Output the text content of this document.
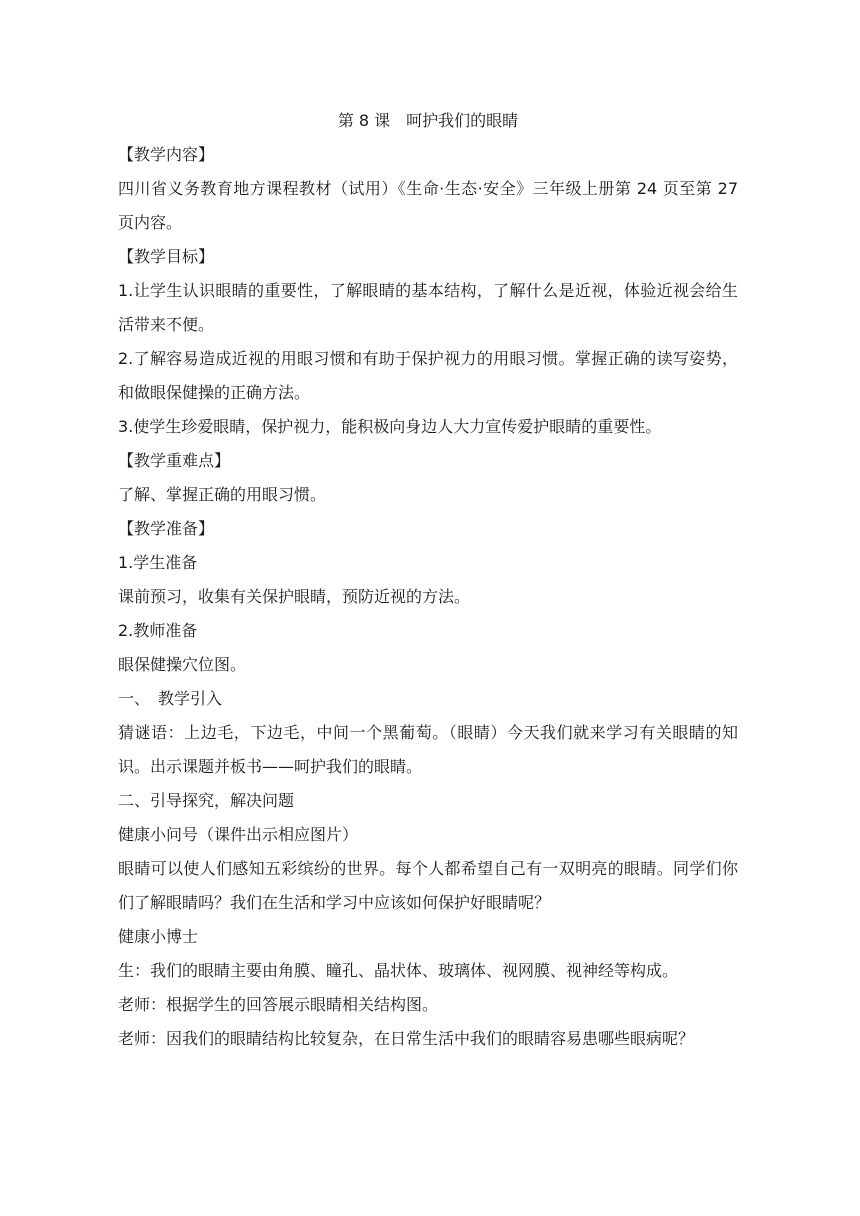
第 8 课　呵护我们的眼睛

【教学内容】

四川省义务教育地方课程教材（试用）《生命·生态·安全》三年级上册第 24 页至第 27 页内容。

【教学目标】

1.让学生认识眼睛的重要性，了解眼睛的基本结构，了解什么是近视，体验近视会给生活带来不便。

2.了解容易造成近视的用眼习惯和有助于保护视力的用眼习惯。掌握正确的读写姿势，和做眼保健操的正确方法。

3.使学生珍爱眼睛，保护视力，能积极向身边人大力宣传爱护眼睛的重要性。

【教学重难点】

了解、掌握正确的用眼习惯。

【教学准备】

1.学生准备

课前预习，收集有关保护眼睛，预防近视的方法。

2.教师准备

眼保健操穴位图。

一、　教学引入

猜谜语：上边毛，下边毛，中间一个黑葡萄。（眼睛）今天我们就来学习有关眼睛的知识。出示课题并板书——呵护我们的眼睛。

二、引导探究，解决问题

健康小问号（课件出示相应图片）

眼睛可以使人们感知五彩缤纷的世界。每个人都希望自己有一双明亮的眼睛。同学们你们了解眼睛吗？我们在生活和学习中应该如何保护好眼睛呢？

健康小博士

生：我们的眼睛主要由角膜、瞳孔、晶状体、玻璃体、视网膜、视神经等构成。

老师：根据学生的回答展示眼睛相关结构图。

老师：因我们的眼睛结构比较复杂，在日常生活中我们的眼睛容易患哪些眼病呢？
